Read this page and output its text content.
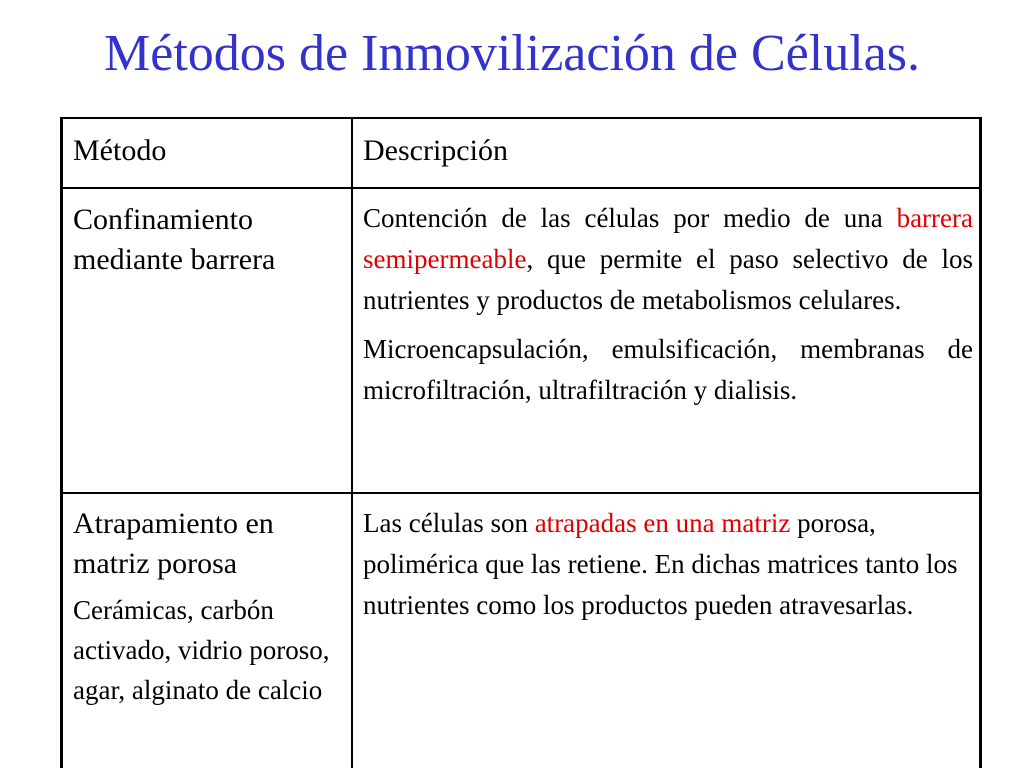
Métodos de Inmovilización de Células.
Método	Descripción
Confinamiento mediante barrera

Contención de las células por medio de una barrera semipermeable, que permite el paso selectivo de los nutrientes y productos de metabolismos celulares.

Microencapsulación, emulsificación, membranas de microfiltración, ultrafiltración y dialisis.

Atrapamiento en matriz porosa
Cerámicas, carbón activado, vidrio poroso, agar, alginato de calcio

Las células son atrapadas en una matriz porosa, polimérica que las retiene. En dichas matrices tanto los nutrientes como los productos pueden atravesarlas.
